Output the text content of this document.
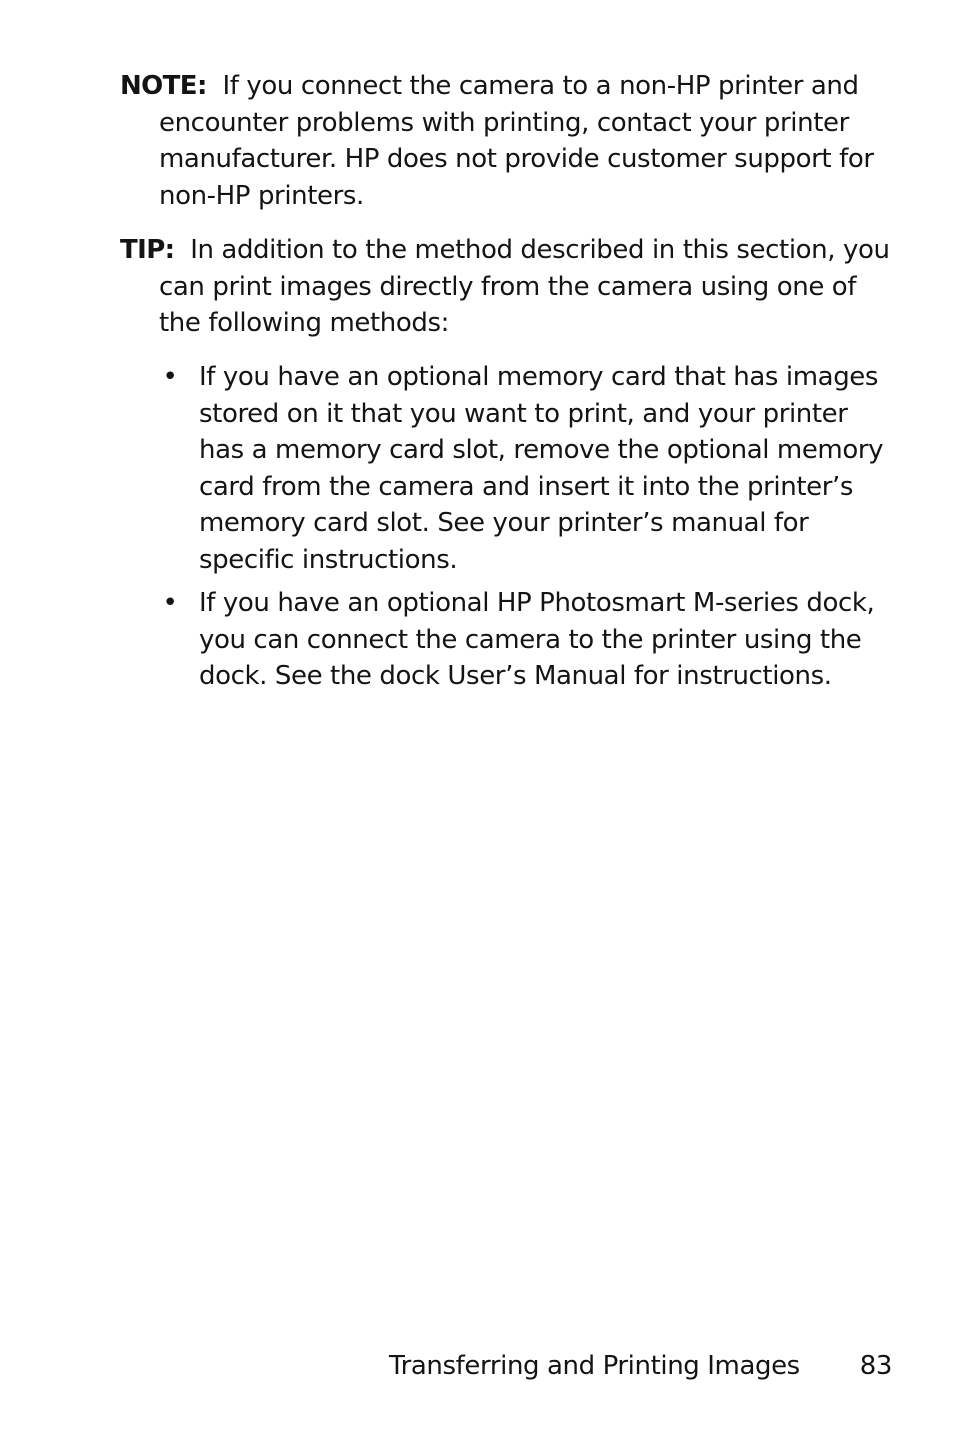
NOTE: If you connect the camera to a non-HP printer and encounter problems with printing, contact your printer manufacturer. HP does not provide customer support for non-HP printers.

TIP: In addition to the method described in this section, you can print images directly from the camera using one of the following methods:

• If you have an optional memory card that has images stored on it that you want to print, and your printer has a memory card slot, remove the optional memory card from the camera and insert it into the printer’s memory card slot. See your printer’s manual for specific instructions.
• If you have an optional HP Photosmart M-series dock, you can connect the camera to the printer using the dock. See the dock User’s Manual for instructions.
Transferring and Printing Images 83
